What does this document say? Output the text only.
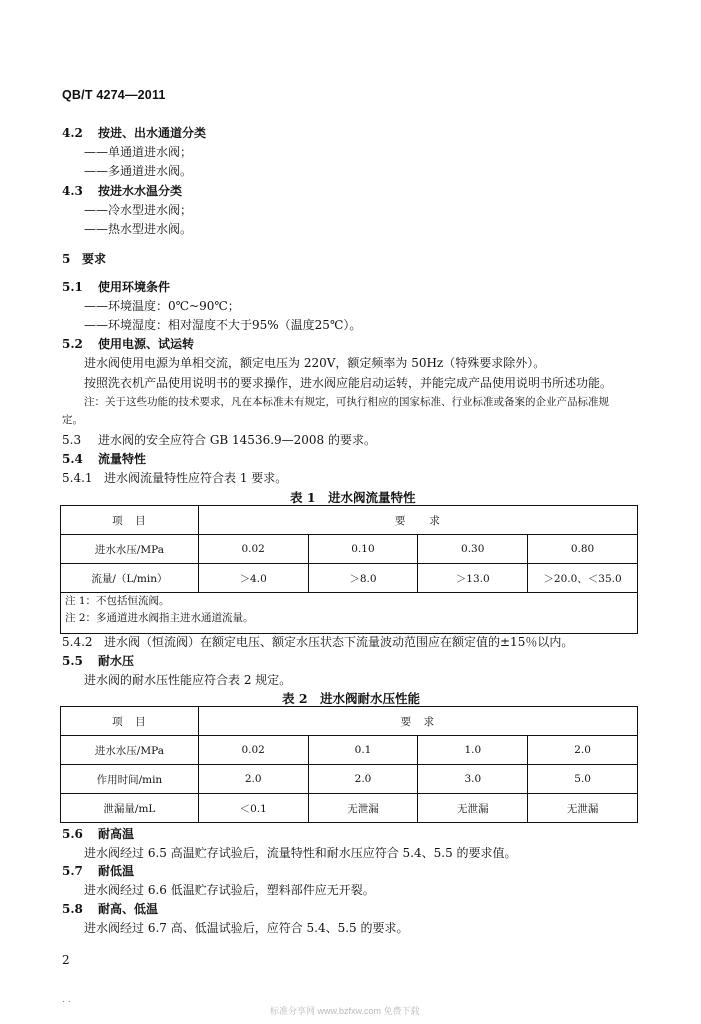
QB/T 4274—2011
4.2 按进、出水通道分类
——单通道进水阀；
——多通道进水阀。
4.3 按进水水温分类
——冷水型进水阀；
——热水型进水阀。
5 要求
5.1 使用环境条件
——环境温度：0℃~90℃；
——环境湿度：相对湿度不大于95%（温度25℃）。
5.2 使用电源、试运转
进水阀使用电源为单相交流，额定电压为 220V，额定频率为 50Hz（特殊要求除外）。
按照洗衣机产品使用说明书的要求操作，进水阀应能启动运转，并能完成产品使用说明书所述功能。
注：关于这些功能的技术要求，凡在本标准未有规定，可执行相应的国家标准、行业标准或备案的企业产品标准规
定。
5.3 进水阀的安全应符合 GB 14536.9—2008 的要求。
5.4 流量特性
5.4.1 进水阀流量特性应符合表 1 要求。
表 1　进水阀流量特性
项　目	要　　求			
进水水压/MPa	0.02	0.10	0.30	0.80
流量/（L/min）	＞4.0	＞8.0	＞13.0	＞20.0、＜35.0

注 1：不包括恒流阀。
注 2：多通道进水阀指主进水通道流量。				
5.4.2 进水阀（恒流阀）在额定电压、额定水压状态下流量波动范围应在额定值的±15％以内。
5.5 耐水压
进水阀的耐水压性能应符合表 2 规定。
表 2　进水阀耐水压性能
项　目	要　求			
进水水压/MPa	0.02	0.1	1.0	2.0
作用时间/min	2.0	2.0	3.0	5.0
泄漏量/mL	＜0.1	无泄漏	无泄漏	无泄漏
5.6 耐高温
进水阀经过 6.5 高温贮存试验后，流量特性和耐水压应符合 5.4、5.5 的要求值。
5.7 耐低温
进水阀经过 6.6 低温贮存试验后，塑料部件应无开裂。
5.8 耐高、低温
进水阀经过 6.7 高、低温试验后，应符合 5.4、5.5 的要求。
2
. .
标准分享网 www.bzfxw.com 免费下载
